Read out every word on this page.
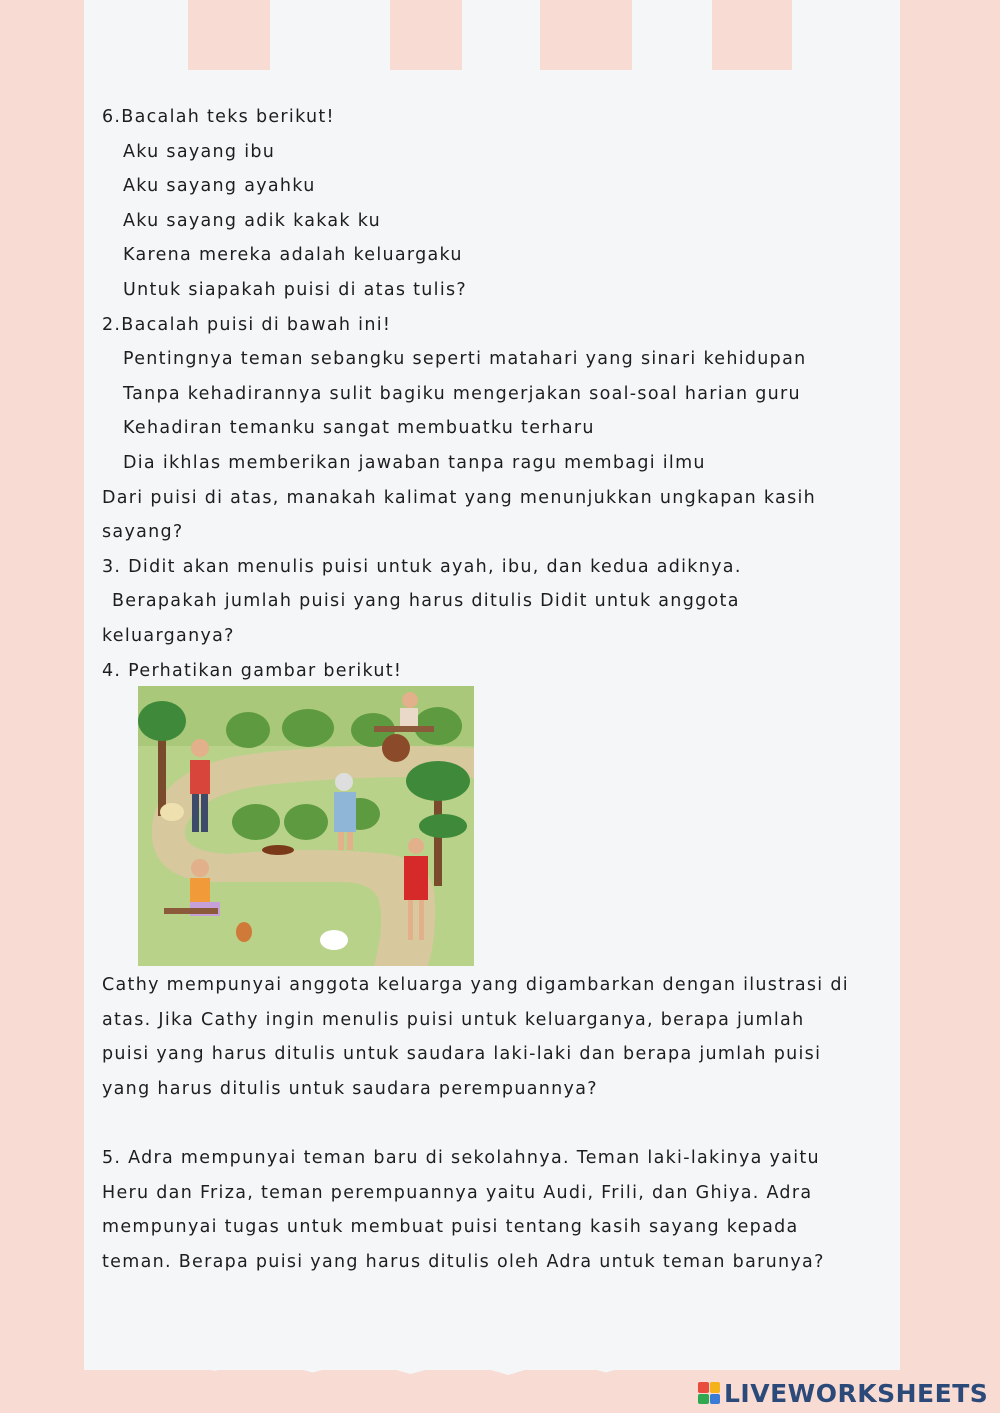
6.Bacalah teks berikut!
Aku sayang ibu
Aku sayang ayahku
Aku sayang adik kakak ku
Karena mereka adalah keluargaku
Untuk siapakah puisi di atas tulis?
2.Bacalah puisi di bawah ini!
Pentingnya teman sebangku seperti matahari yang sinari kehidupan
Tanpa kehadirannya sulit bagiku mengerjakan soal-soal harian guru
Kehadiran temanku sangat membuatku terharu
Dia ikhlas memberikan jawaban tanpa ragu membagi ilmu
Dari puisi di atas, manakah kalimat yang menunjukkan ungkapan kasih
sayang?
3. Didit akan menulis puisi untuk ayah, ibu, dan kedua adiknya.
Berapakah jumlah puisi yang harus ditulis Didit untuk anggota
keluarganya?
4. Perhatikan gambar berikut!
Cathy mempunyai anggota keluarga yang digambarkan dengan ilustrasi di
atas. Jika Cathy ingin menulis puisi untuk keluarganya, berapa jumlah
puisi yang harus ditulis untuk saudara laki-laki dan berapa jumlah puisi
yang harus ditulis untuk saudara perempuannya?
5. Adra mempunyai teman baru di sekolahnya. Teman laki-lakinya yaitu
Heru dan Friza, teman perempuannya yaitu Audi, Frili, dan Ghiya. Adra
mempunyai tugas untuk membuat puisi tentang kasih sayang kepada
teman. Berapa puisi yang harus ditulis oleh Adra untuk teman barunya?
LIVEWORKSHEETS
